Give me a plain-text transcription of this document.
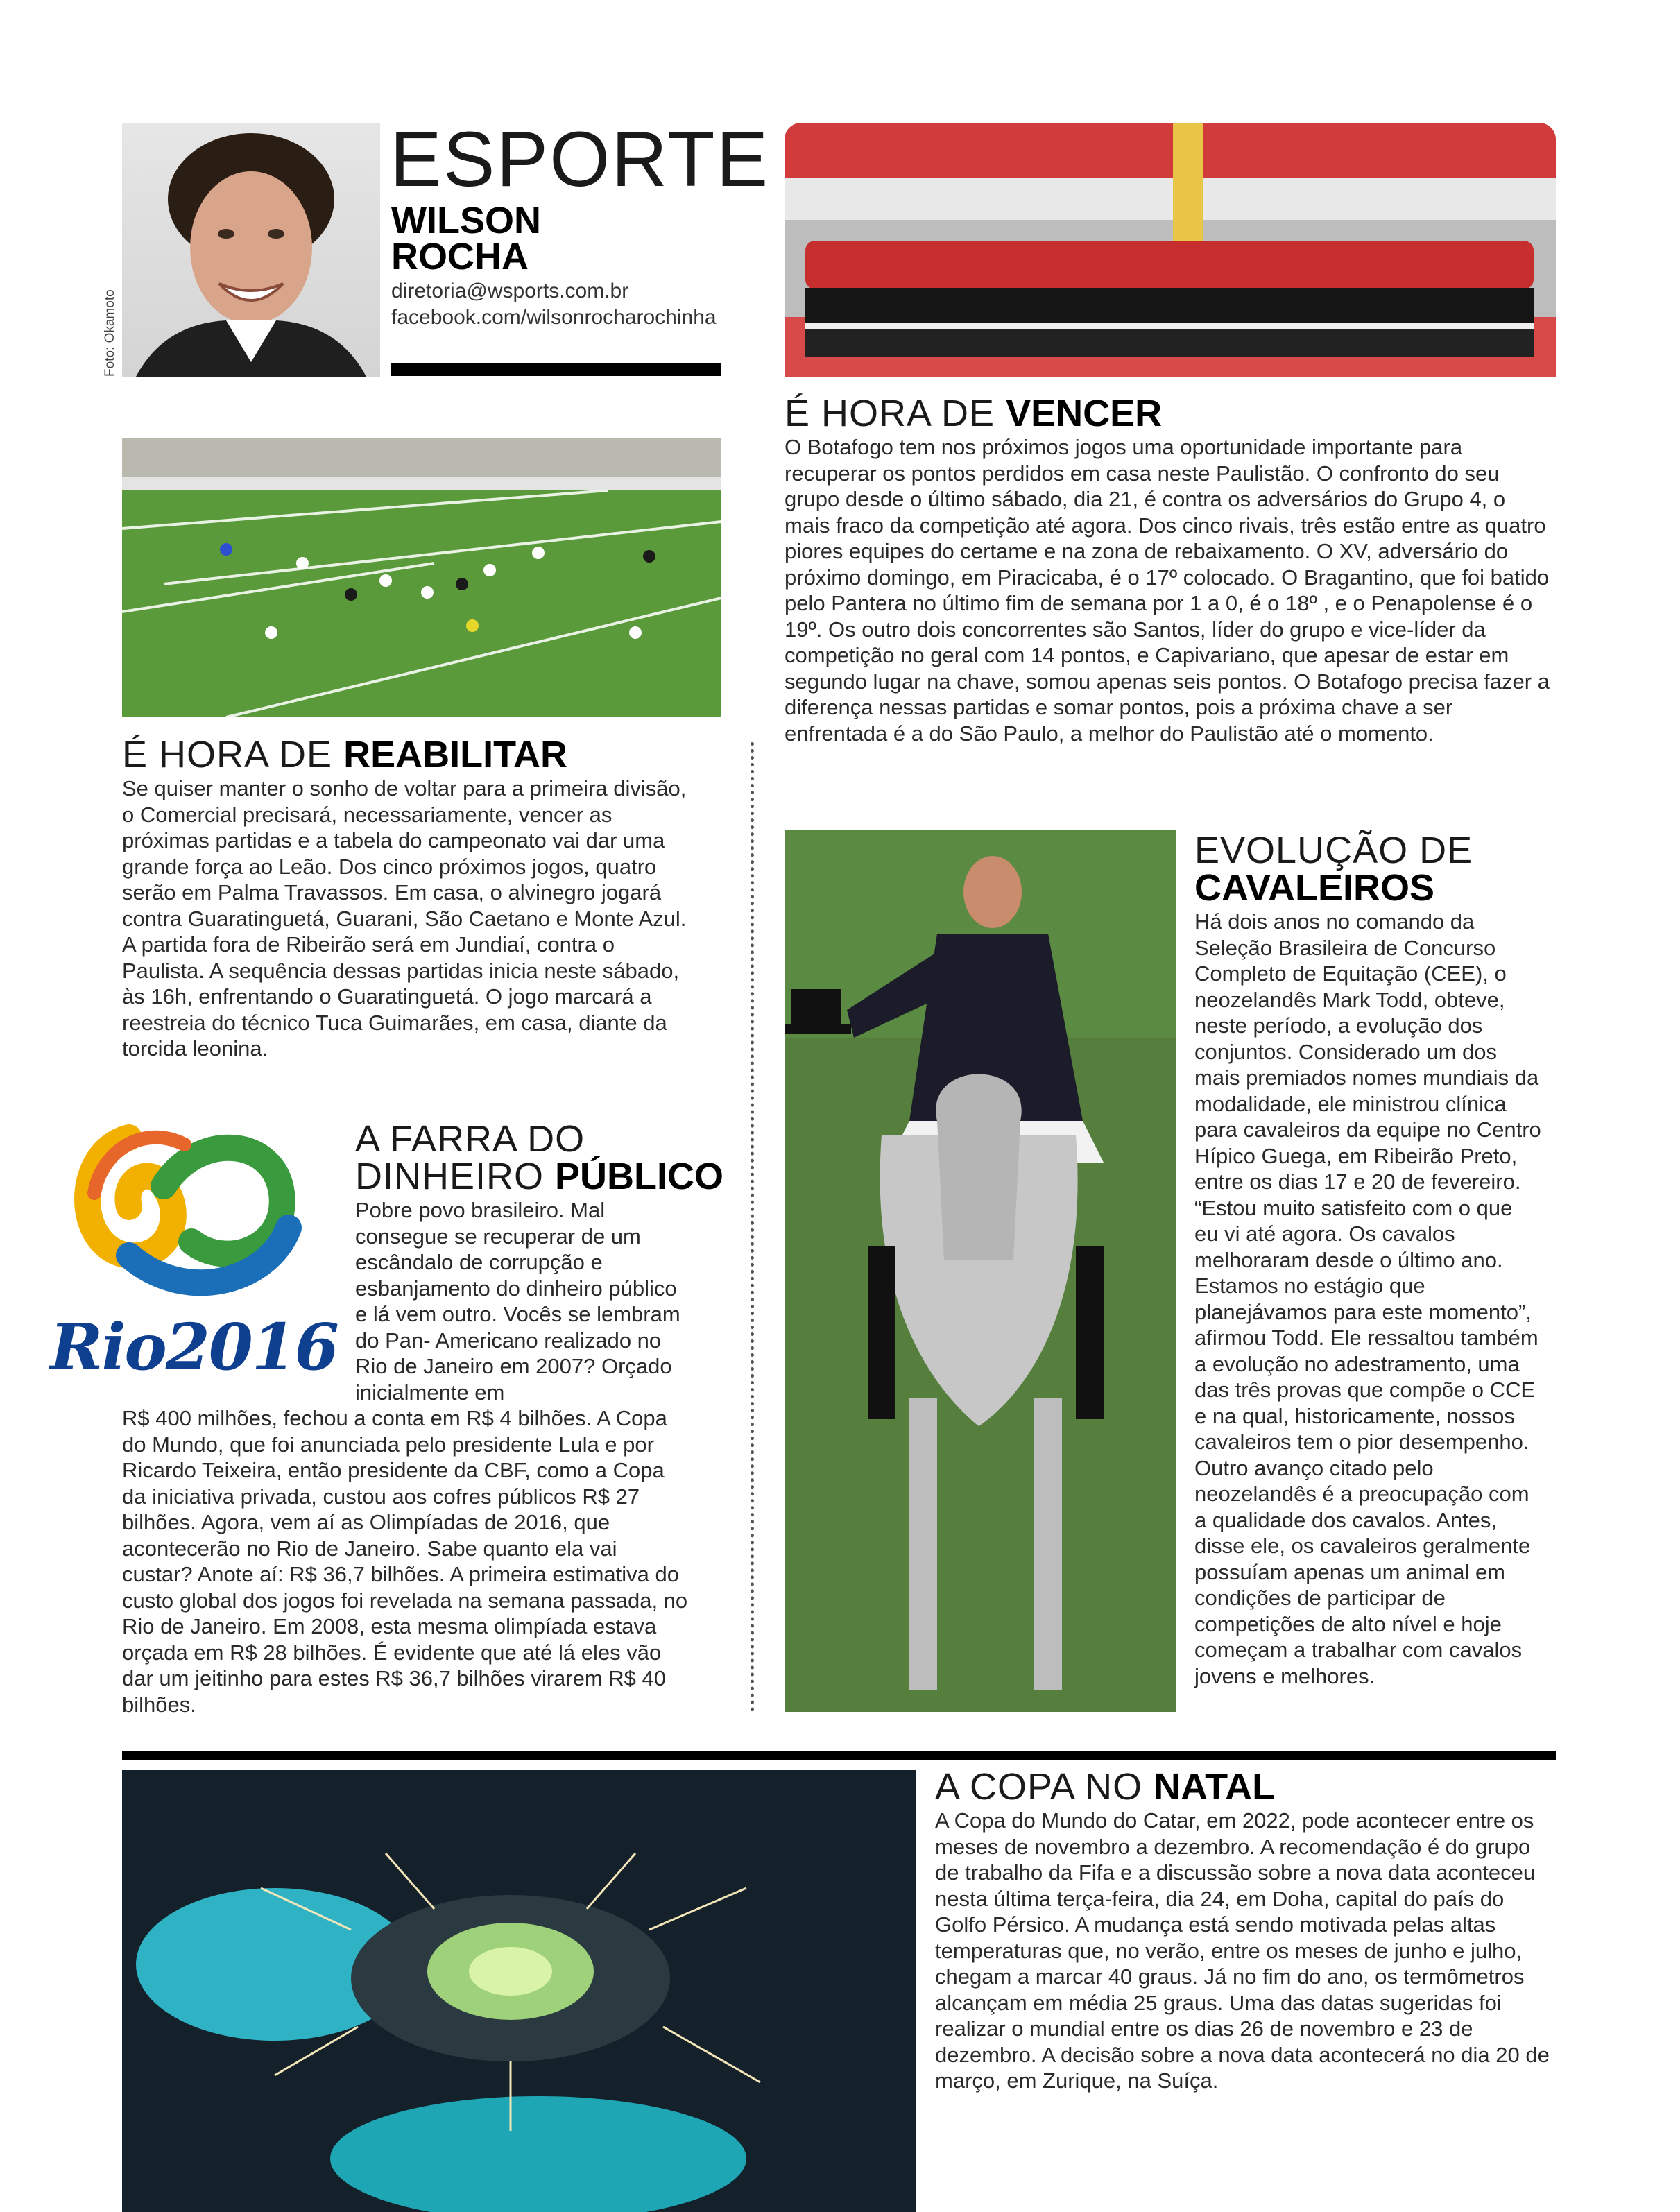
Foto: Okamoto
ESPORTE
WILSON
ROCHA
diretoria@wsports.com.br
facebook.com/wilsonrocharochinha
É HORA DE VENCER
O Botafogo tem nos próximos jogos uma oportunidade importante para recuperar os pontos perdidos em casa neste Paulistão. O confronto do seu grupo desde o último sábado, dia 21, é contra os adversários do Grupo 4, o mais fraco da competição até agora. Dos cinco rivais, três estão entre as quatro piores equipes do certame e na zona de rebaixamento. O XV, adversário do próximo domingo, em Piracicaba, é o 17º colocado. O Bragantino, que foi batido pelo Pantera no último fim de semana por 1 a 0, é o 18º , e o Penapolense é o 19º. Os outro dois concorrentes são Santos, líder do grupo e vice-líder da competição no geral com 14 pontos, e Capivariano, que apesar de estar em segundo lugar na chave, somou apenas seis pontos. O Botafogo precisa fazer a diferença nessas partidas e somar pontos, pois a próxima chave a ser enfrentada é a do São Paulo, a melhor do Paulistão até o momento.
É HORA DE REABILITAR
Se quiser manter o sonho de voltar para a primeira divisão, o Comercial precisará, necessariamente, vencer as próximas partidas e a tabela do campeonato vai dar uma grande força ao Leão. Dos cinco próximos jogos, quatro serão em Palma Travassos. Em casa, o alvinegro jogará contra Guaratinguetá, Guarani, São Caetano e Monte Azul. A partida fora de Ribeirão será em Jundiaí, contra o Paulista. A sequência dessas partidas inicia neste sábado, às 16h, enfrentando o Guaratinguetá. O jogo marcará a reestreia do técnico Tuca Guimarães, em casa, diante da torcida leonina.
Rio2016
A FARRA DO
DINHEIRO PÚBLICO
Pobre povo brasileiro. Mal consegue se recuperar de um escândalo de corrupção e esbanjamento do dinheiro público e lá vem outro. Vocês se lembram do Pan- Americano realizado no Rio de Janeiro em 2007? Orçado inicialmente em
R$ 400 milhões, fechou a conta em R$ 4 bilhões. A Copa do Mundo, que foi anunciada pelo presidente Lula e por Ricardo Teixeira, então presidente da CBF, como a Copa da iniciativa privada, custou aos cofres públicos R$ 27 bilhões. Agora, vem aí as Olimpíadas de 2016, que acontecerão no Rio de Janeiro. Sabe quanto ela vai custar? Anote aí: R$ 36,7 bilhões. A primeira estimativa do custo global dos jogos foi revelada na semana passada, no Rio de Janeiro. Em 2008, esta mesma olimpíada estava orçada em R$ 28 bilhões. É evidente que até lá eles vão dar um jeitinho para estes R$ 36,7 bilhões virarem R$ 40 bilhões.
EVOLUÇÃO DE
CAVALEIROS
Há dois anos no comando da Seleção Brasileira de Concurso Completo de Equitação (CEE), o neozelandês Mark Todd, obteve, neste período, a evolução dos conjuntos. Considerado um dos mais premiados nomes mundiais da modalidade, ele ministrou clínica para cavaleiros da equipe no Centro Hípico Guega, em Ribeirão Preto, entre os dias 17 e 20 de fevereiro. “Estou muito satisfeito com o que eu vi até agora. Os cavalos melhoraram desde o último ano. Estamos no estágio que planejávamos para este momento”, afirmou Todd. Ele ressaltou também a evolução no adestramento, uma das três provas que compõe o CCE e na qual, historicamente, nossos cavaleiros tem o pior desempenho. Outro avanço citado pelo neozelandês é a preocupação com a qualidade dos cavalos. Antes, disse ele, os cavaleiros geralmente possuíam apenas um animal em condições de participar de competições de alto nível e hoje começam a trabalhar com cavalos jovens e melhores.
A COPA NO NATAL
A Copa do Mundo do Catar, em 2022, pode acontecer entre os meses de novembro a dezembro. A recomendação é do grupo de trabalho da Fifa e a discussão sobre a nova data aconteceu nesta última terça-feira, dia 24, em Doha, capital do país do Golfo Pérsico. A mudança está sendo motivada pelas altas temperaturas que, no verão, entre os meses de junho e julho, chegam a marcar 40 graus. Já no fim do ano, os termômetros alcançam em média 25 graus. Uma das datas sugeridas foi realizar o mundial entre os dias 26 de novembro e 23 de dezembro. A decisão sobre a nova data acontecerá no dia 20 de março, em Zurique, na Suíça.
